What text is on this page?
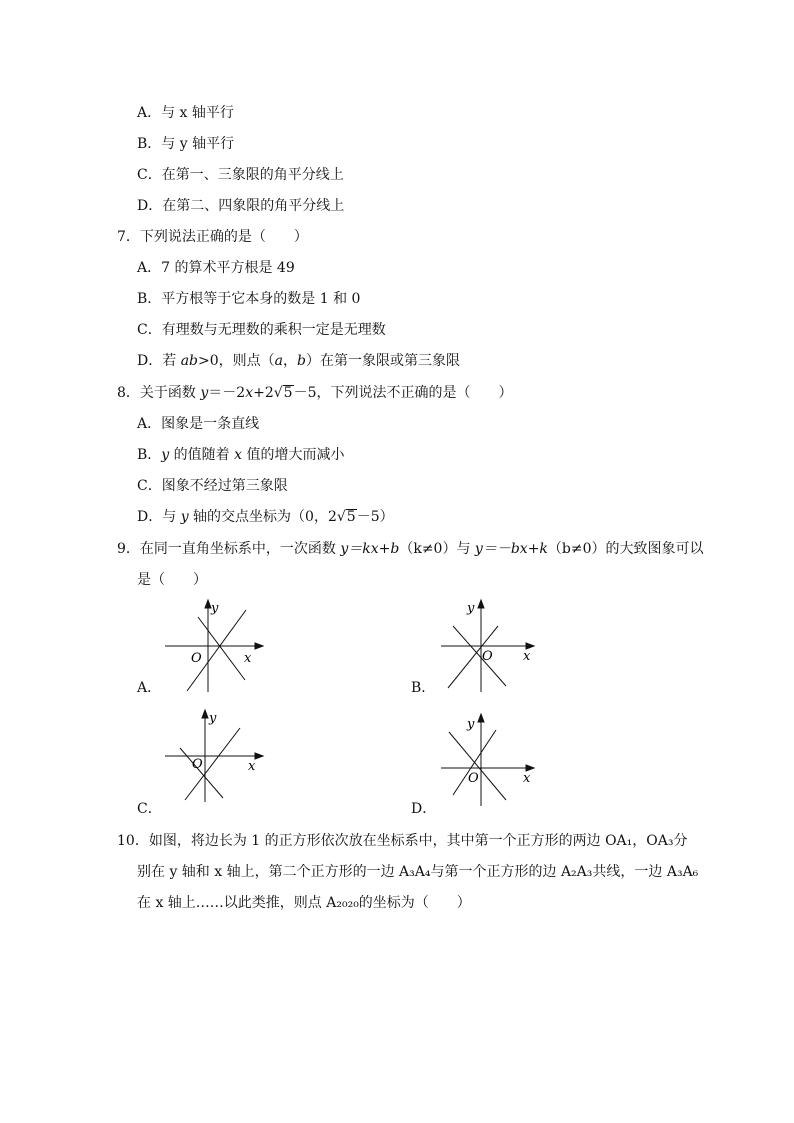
A．与 x 轴平行
B．与 y 轴平行
C．在第一、三象限的角平分线上
D．在第二、四象限的角平分线上
7．下列说法正确的是（　　）
A．7 的算术平方根是 49
B．平方根等于它本身的数是 1 和 0
C．有理数与无理数的乘积一定是无理数
D．若 ab>0，则点（a，b）在第一象限或第三象限
8．关于函数 y＝－2x+2√5－5，下列说法不正确的是（　　）
A．图象是一条直线
B．y 的值随着 x 值的增大而减小
C．图象不经过第三象限
D．与 y 轴的交点坐标为（0，2√5－5）
9．在同一直角坐标系中，一次函数 y＝kx+b（k≠0）与 y＝－bx+k（b≠0）的大致图象可以
是（　　）
O	x
y
A．
O x
y
B．
O	x
y
C．
O	x
y
D．
10．如图，将边长为 1 的正方形依次放在坐标系中，其中第一个正方形的两边 OA₁，OA₃分
别在 y 轴和 x 轴上，第二个正方形的一边 A₃A₄与第一个正方形的边 A₂A₃共线，一边 A₃A₆
在 x 轴上……以此类推，则点 A₂₀₂₀的坐标为（　　）
